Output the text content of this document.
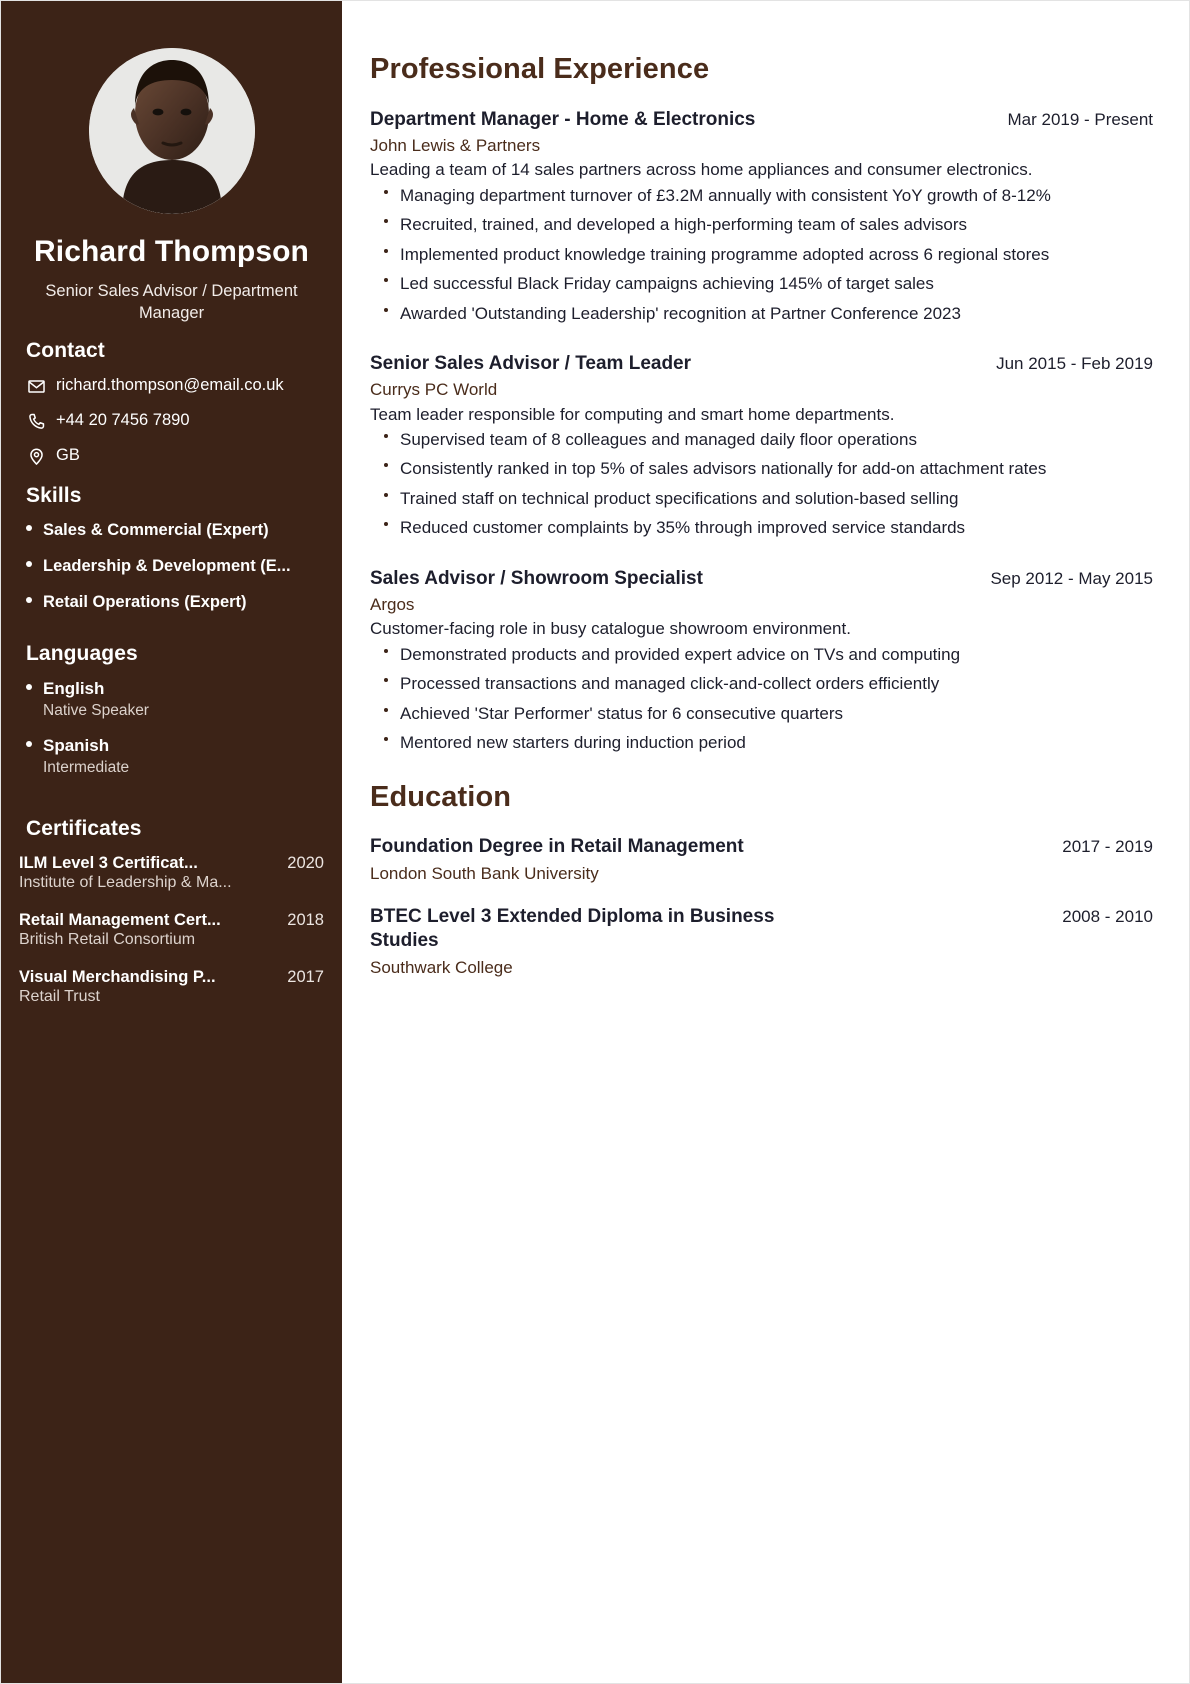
Richard Thompson
Senior Sales Advisor / Department Manager
Contact
richard.thompson@email.co.uk
+44 20 7456 7890
GB
Skills
Sales & Commercial (Expert)
Leadership & Development (E...
Retail Operations (Expert)
Languages
English
Native Speaker
Spanish
Intermediate
Certificates
ILM Level 3 Certificat...	2020
Institute of Leadership & Ma...
Retail Management Cert...	2018
British Retail Consortium
Visual Merchandising P...	2017
Retail Trust
Professional Experience
Department Manager - Home & Electronics	Mar 2019 - Present
John Lewis & Partners
Leading a team of 14 sales partners across home appliances and consumer electronics.
Managing department turnover of £3.2M annually with consistent YoY growth of 8-12%
Recruited, trained, and developed a high-performing team of sales advisors
Implemented product knowledge training programme adopted across 6 regional stores
Led successful Black Friday campaigns achieving 145% of target sales
Awarded 'Outstanding Leadership' recognition at Partner Conference 2023
Senior Sales Advisor / Team Leader	Jun 2015 - Feb 2019
Currys PC World
Team leader responsible for computing and smart home departments.
Supervised team of 8 colleagues and managed daily floor operations
Consistently ranked in top 5% of sales advisors nationally for add-on attachment rates
Trained staff on technical product specifications and solution-based selling
Reduced customer complaints by 35% through improved service standards
Sales Advisor / Showroom Specialist	Sep 2012 - May 2015
Argos
Customer-facing role in busy catalogue showroom environment.
Demonstrated products and provided expert advice on TVs and computing
Processed transactions and managed click-and-collect orders efficiently
Achieved 'Star Performer' status for 6 consecutive quarters
Mentored new starters during induction period
Education
Foundation Degree in Retail Management	2017 - 2019
London South Bank University
BTEC Level 3 Extended Diploma in Business Studies
2008 - 2010
Southwark College
